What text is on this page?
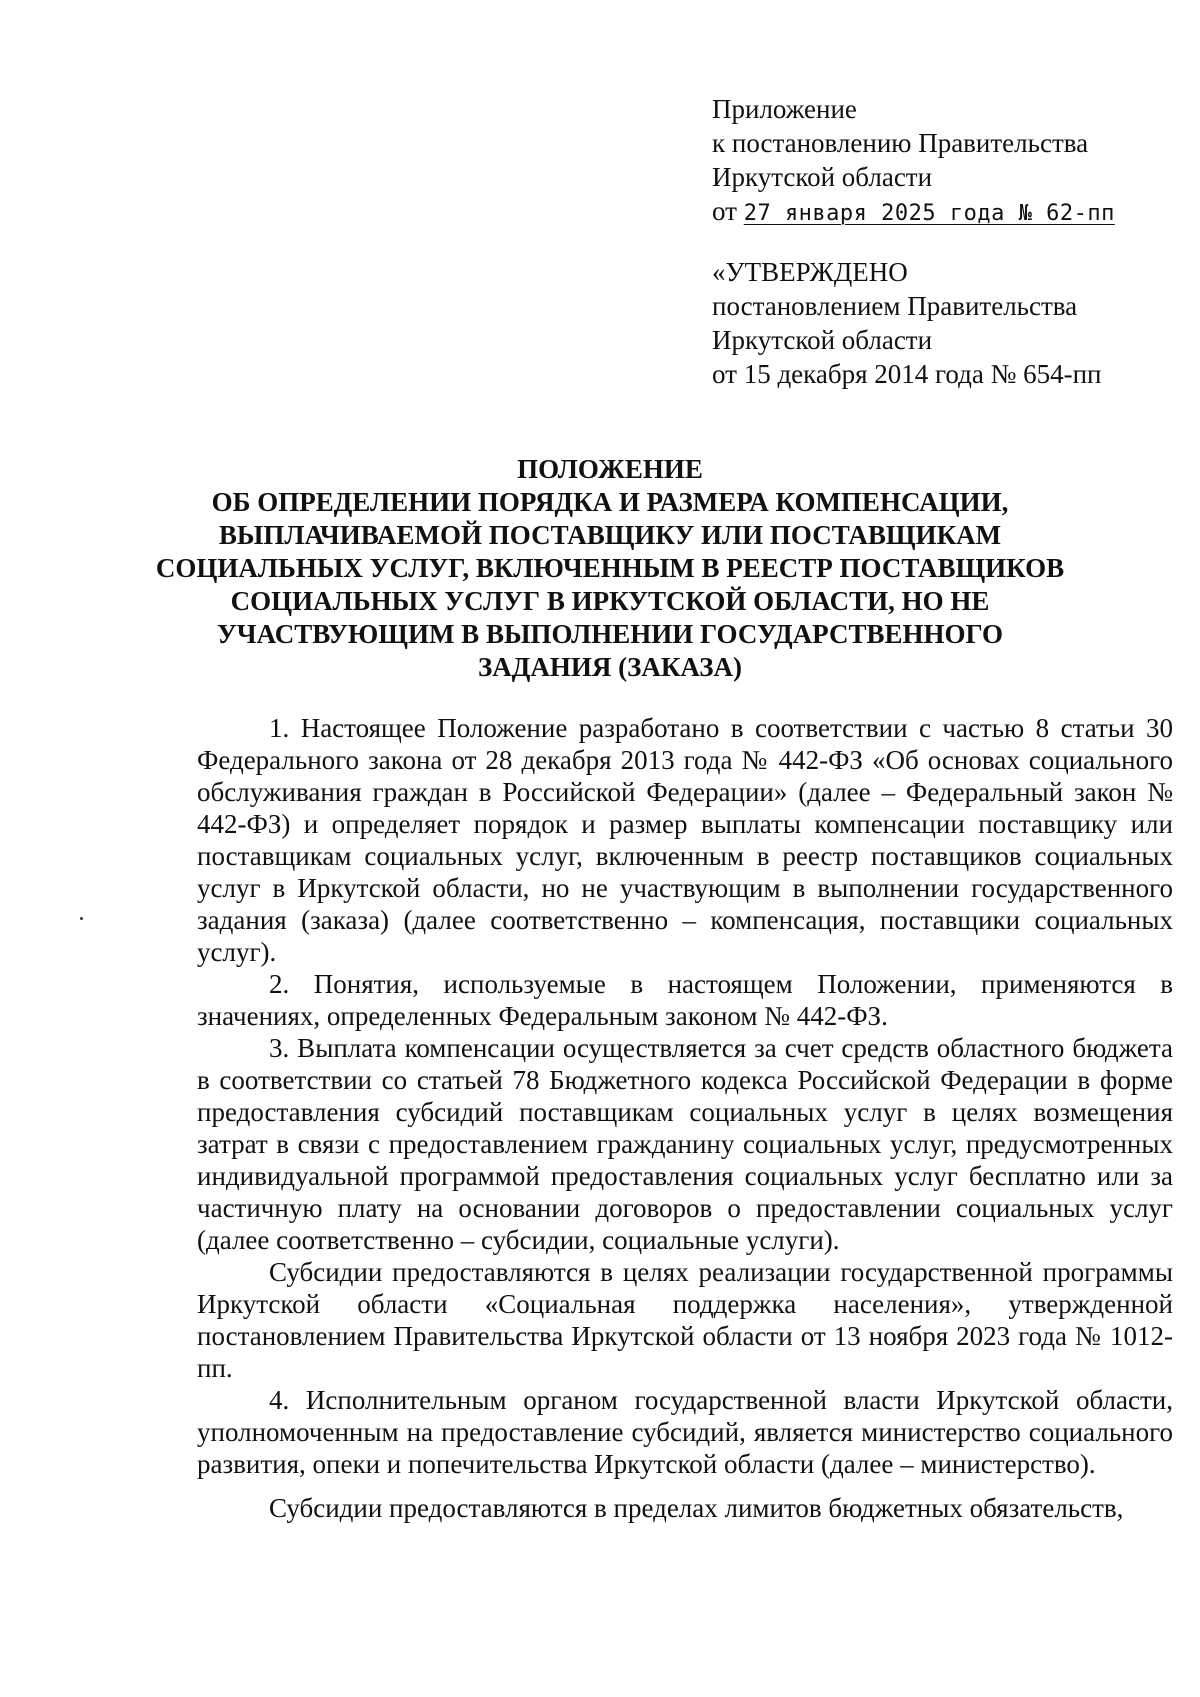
Приложение
к постановлению Правительства
Иркутской области
от 27 января 2025 года № 62-пп
«УТВЕРЖДЕНО
постановлением Правительства
Иркутской области
от 15 декабря 2014 года № 654-пп
ПОЛОЖЕНИЕ
ОБ ОПРЕДЕЛЕНИИ ПОРЯДКА И РАЗМЕРА КОМПЕНСАЦИИ,
ВЫПЛАЧИВАЕМОЙ ПОСТАВЩИКУ ИЛИ ПОСТАВЩИКАМ
СОЦИАЛЬНЫХ УСЛУГ, ВКЛЮЧЕННЫМ В РЕЕСТР ПОСТАВЩИКОВ
СОЦИАЛЬНЫХ УСЛУГ В ИРКУТСКОЙ ОБЛАСТИ, НО НЕ
УЧАСТВУЮЩИМ В ВЫПОЛНЕНИИ ГОСУДАРСТВЕННОГО
ЗАДАНИЯ (ЗАКАЗА)

1. Настоящее Положение разработано в соответствии с частью 8 статьи 30 Федерального закона от 28 декабря 2013 года № 442-ФЗ «Об основах социального обслуживания граждан в Российской Федерации» (далее – Федеральный закон № 442-ФЗ) и определяет порядок и размер выплаты компенсации поставщику или поставщикам социальных услуг, включенным в реестр поставщиков социальных услуг в Иркутской области, но не участвующим в выполнении государственного задания (заказа) (далее соответственно – компенсация, поставщики социальных услуг).

2. Понятия, используемые в настоящем Положении, применяются в значениях, определенных Федеральным законом № 442-ФЗ.

3. Выплата компенсации осуществляется за счет средств областного бюджета в соответствии со статьей 78 Бюджетного кодекса Российской Федерации в форме предоставления субсидий поставщикам социальных услуг в целях возмещения затрат в связи с предоставлением гражданину социальных услуг, предусмотренных индивидуальной программой предоставления социальных услуг бесплатно или за частичную плату на основании договоров о предоставлении социальных услуг (далее соответственно – субсидии, социальные услуги).

Субсидии предоставляются в целях реализации государственной программы Иркутской области «Социальная поддержка населения», утвержденной постановлением Правительства Иркутской области от 13 ноября 2023 года № 1012-пп.

4. Исполнительным органом государственной власти Иркутской области, уполномоченным на предоставление субсидий, является министерство социального развития, опеки и попечительства Иркутской области (далее – министерство).

Субсидии предоставляются в пределах лимитов бюджетных обязательств,
